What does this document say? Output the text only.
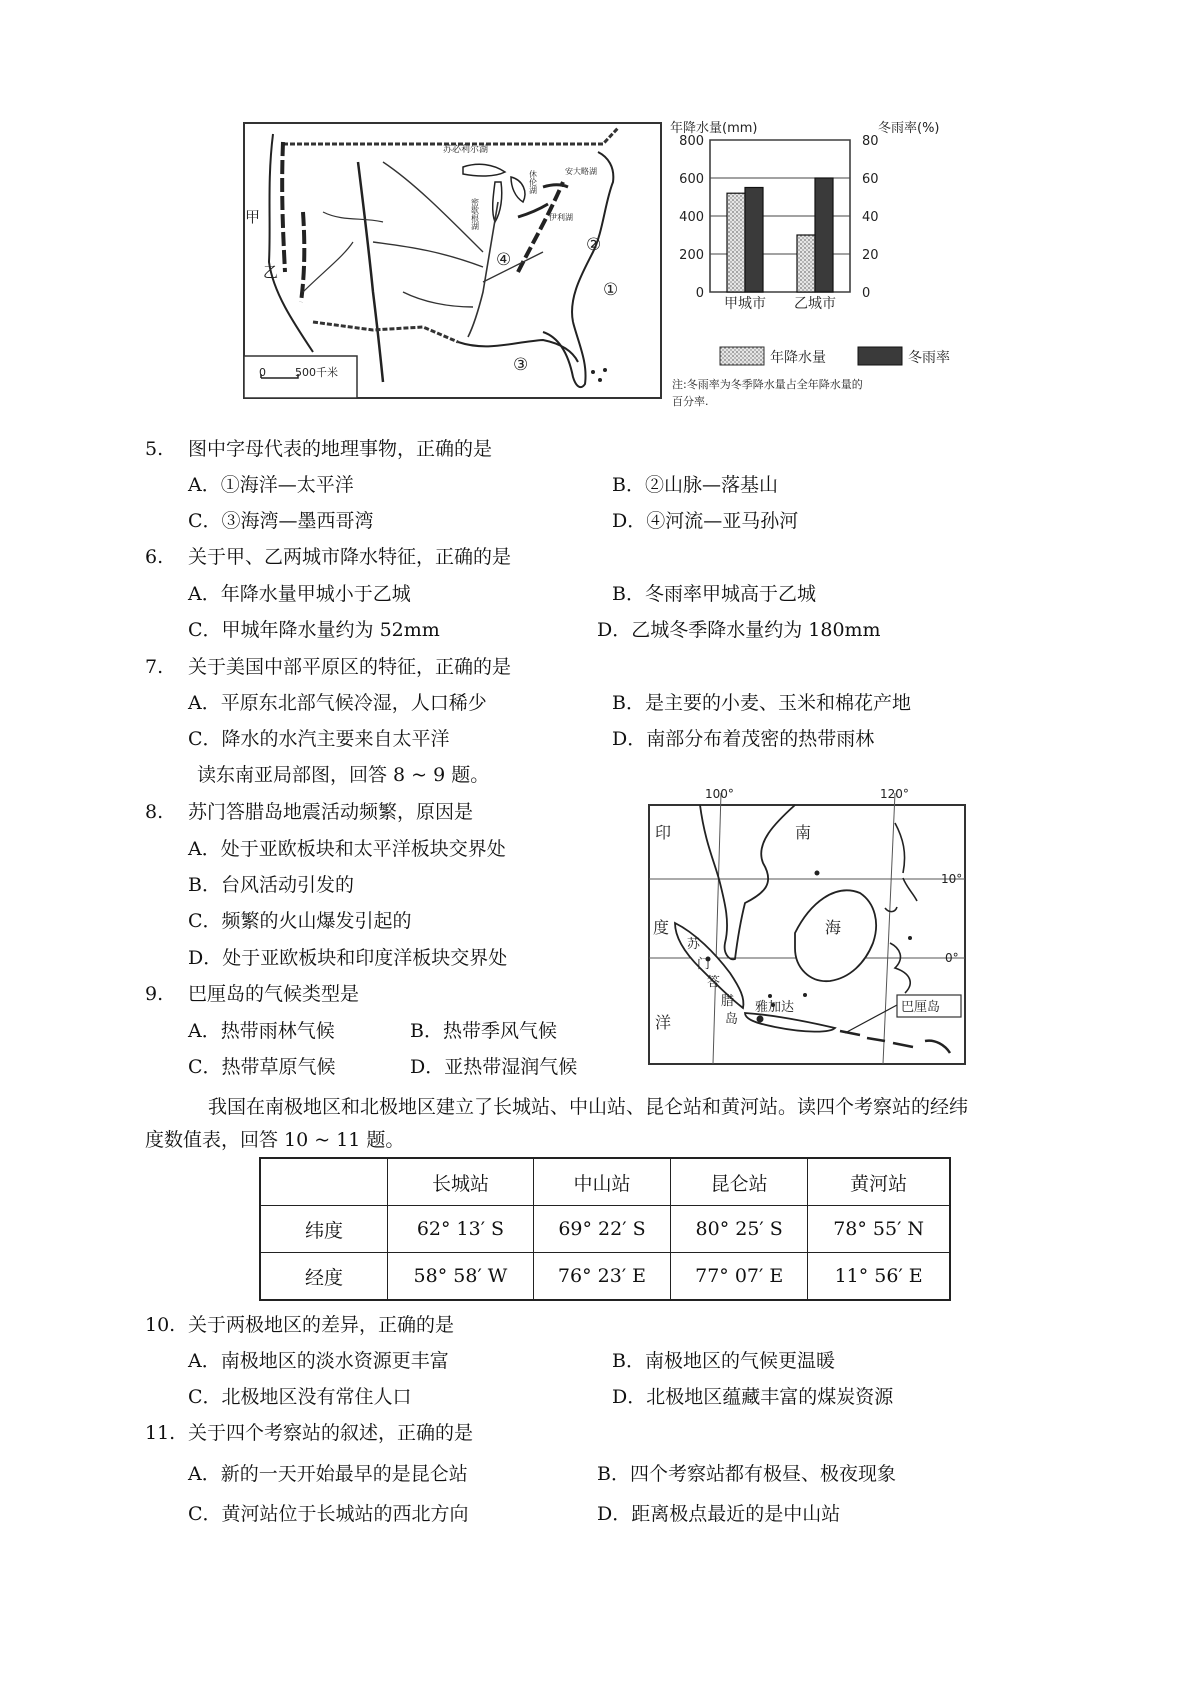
甲
乙
①
②
③
④
苏必利尔湖
密歇根湖
休伦湖
伊利湖
安大略湖
0	500千米
年降水量(mm)	冬雨率(%)
800	80
600	60
400	40
200	20
0	0
甲城市 乙城市
年降水量	冬雨率
注:冬雨率为冬季降水量占全年降水量的
百分率.
5. 图中字母代表的地理事物，正确的是
A．①海洋—太平洋	B．②山脉—落基山
C．③海湾—墨西哥湾	D．④河流—亚马孙河
6. 关于甲、乙两城市降水特征，正确的是
A．年降水量甲城小于乙城	B．冬雨率甲城高于乙城
C．甲城年降水量约为 52mm	D．乙城冬季降水量约为 180mm
7. 关于美国中部平原区的特征，正确的是
A．平原东北部气候冷湿，人口稀少	B．是主要的小麦、玉米和棉花产地
C．降水的水汽主要来自太平洋	D．南部分布着茂密的热带雨林
读东南亚局部图，回答 8 ~ 9 题。
8. 苏门答腊岛地震活动频繁，原因是
A．处于亚欧板块和太平洋板块交界处
B．台风活动引发的
C．频繁的火山爆发引起的
D．处于亚欧板块和印度洋板块交界处
9. 巴厘岛的气候类型是
A．热带雨林气候	B．热带季风气候
C．热带草原气候	D．亚热带湿润气候
100°	120°
10°
0°
印
度
洋
南
海
苏
门
答
腊
岛
雅加达	巴厘岛
我国在南极地区和北极地区建立了长城站、中山站、昆仑站和黄河站。读四个考察站的经纬
度数值表，回答 10 ~ 11 题。
	长城站	中山站	昆仑站	黄河站
纬度	62° 13′ S	69° 22′ S	80° 25′ S	78° 55′ N
经度	58° 58′ W	76° 23′ E	77° 07′ E	11° 56′ E
10. 关于两极地区的差异，正确的是
A．南极地区的淡水资源更丰富	B．南极地区的气候更温暖
C．北极地区没有常住人口	D．北极地区蕴藏丰富的煤炭资源
11. 关于四个考察站的叙述，正确的是
A．新的一天开始最早的是昆仑站	B．四个考察站都有极昼、极夜现象
C．黄河站位于长城站的西北方向	D．距离极点最近的是中山站
